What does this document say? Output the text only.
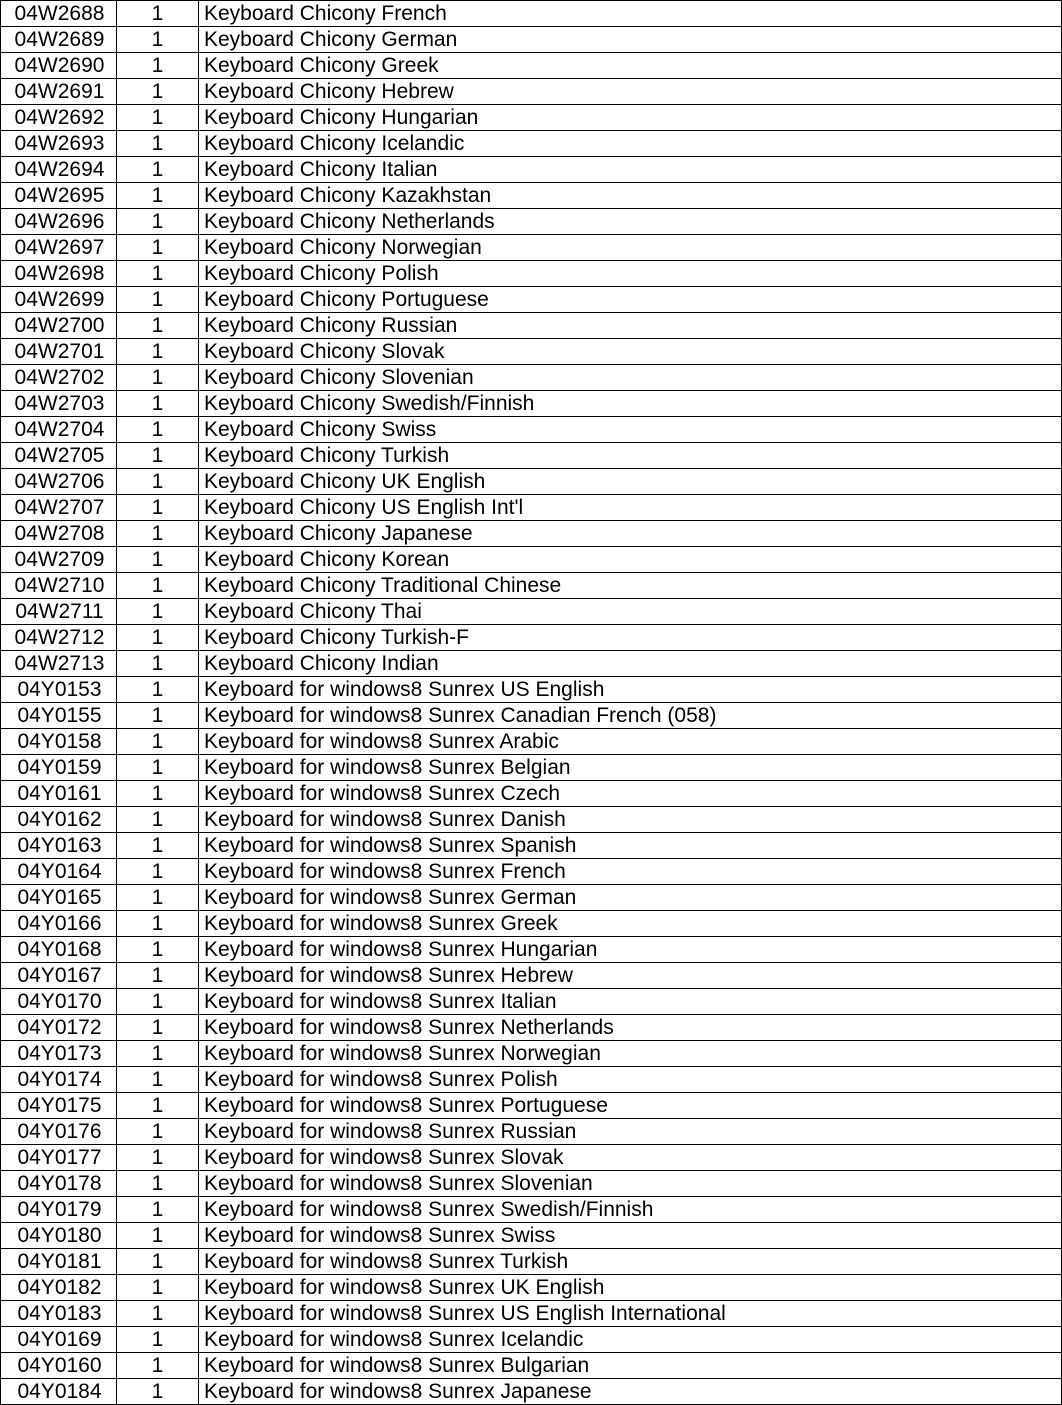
04W2688	1	Keyboard Chicony French
04W2689	1	Keyboard Chicony German
04W2690	1	Keyboard Chicony Greek
04W2691	1	Keyboard Chicony Hebrew
04W2692	1	Keyboard Chicony Hungarian
04W2693	1	Keyboard Chicony Icelandic
04W2694	1	Keyboard Chicony Italian
04W2695	1	Keyboard Chicony Kazakhstan
04W2696	1	Keyboard Chicony Netherlands
04W2697	1	Keyboard Chicony Norwegian
04W2698	1	Keyboard Chicony Polish
04W2699	1	Keyboard Chicony Portuguese
04W2700	1	Keyboard Chicony Russian
04W2701	1	Keyboard Chicony Slovak
04W2702	1	Keyboard Chicony Slovenian
04W2703	1	Keyboard Chicony Swedish/Finnish
04W2704	1	Keyboard Chicony Swiss
04W2705	1	Keyboard Chicony Turkish
04W2706	1	Keyboard Chicony UK English
04W2707	1	Keyboard Chicony US English Int'l
04W2708	1	Keyboard Chicony Japanese
04W2709	1	Keyboard Chicony Korean
04W2710	1	Keyboard Chicony Traditional Chinese
04W2711	1	Keyboard Chicony Thai
04W2712	1	Keyboard Chicony Turkish-F
04W2713	1	Keyboard Chicony Indian
04Y0153	1	Keyboard for windows8 Sunrex US English
04Y0155	1	Keyboard for windows8 Sunrex Canadian French (058)
04Y0158	1	Keyboard for windows8 Sunrex Arabic
04Y0159	1	Keyboard for windows8 Sunrex Belgian
04Y0161	1	Keyboard for windows8 Sunrex Czech
04Y0162	1	Keyboard for windows8 Sunrex Danish
04Y0163	1	Keyboard for windows8 Sunrex Spanish
04Y0164	1	Keyboard for windows8 Sunrex French
04Y0165	1	Keyboard for windows8 Sunrex German
04Y0166	1	Keyboard for windows8 Sunrex Greek
04Y0168	1	Keyboard for windows8 Sunrex Hungarian
04Y0167	1	Keyboard for windows8 Sunrex Hebrew
04Y0170	1	Keyboard for windows8 Sunrex Italian
04Y0172	1	Keyboard for windows8 Sunrex Netherlands
04Y0173	1	Keyboard for windows8 Sunrex Norwegian
04Y0174	1	Keyboard for windows8 Sunrex Polish
04Y0175	1	Keyboard for windows8 Sunrex Portuguese
04Y0176	1	Keyboard for windows8 Sunrex Russian
04Y0177	1	Keyboard for windows8 Sunrex Slovak
04Y0178	1	Keyboard for windows8 Sunrex Slovenian
04Y0179	1	Keyboard for windows8 Sunrex Swedish/Finnish
04Y0180	1	Keyboard for windows8 Sunrex Swiss
04Y0181	1	Keyboard for windows8 Sunrex Turkish
04Y0182	1	Keyboard for windows8 Sunrex UK English
04Y0183	1	Keyboard for windows8 Sunrex US English International
04Y0169	1	Keyboard for windows8 Sunrex Icelandic
04Y0160	1	Keyboard for windows8 Sunrex Bulgarian
04Y0184	1	Keyboard for windows8 Sunrex Japanese
